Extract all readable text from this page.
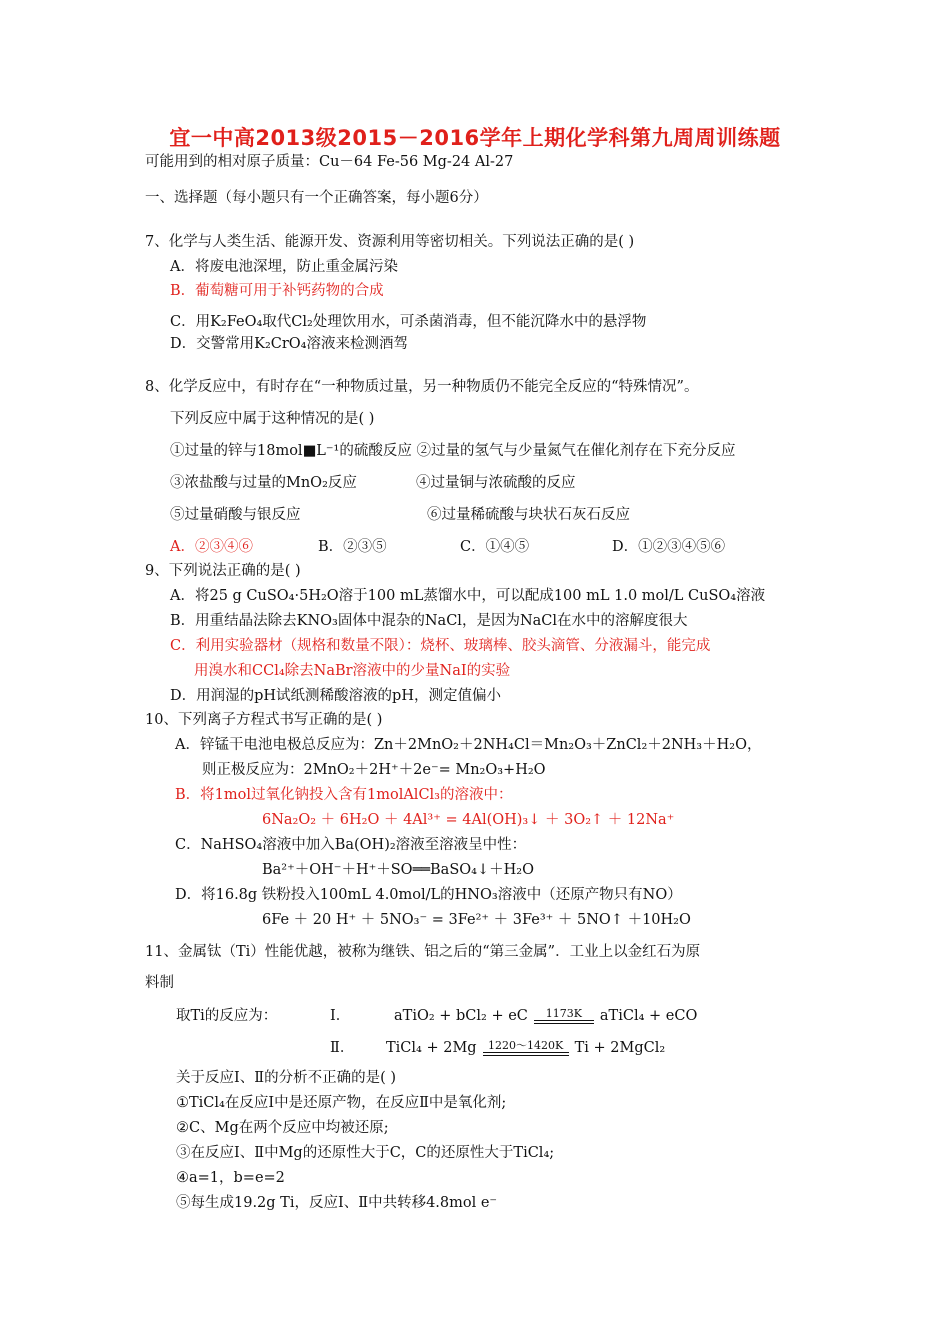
宜一中高2013级2015－2016学年上期化学科第九周周训练题
可能用到的相对原子质量：Cu－64 Fe-56 Mg-24 Al-27
一、选择题（每小题只有一个正确答案，每小题6分）
7、化学与人类生活、能源开发、资源利用等密切相关。下列说法正确的是( )
A．将废电池深埋，防止重金属污染
B．葡萄糖可用于补钙药物的合成
C．用K₂FeO₄取代Cl₂处理饮用水，可杀菌消毒，但不能沉降水中的悬浮物
D．交警常用K₂CrO₄溶液来检测酒驾
8、化学反应中，有时存在“一种物质过量，另一种物质仍不能完全反应的“特殊情况”。
下列反应中属于这种情况的是( )
①过量的锌与18mol■L⁻¹的硫酸反应 ②过量的氢气与少量氮气在催化剂存在下充分反应
③浓盐酸与过量的MnO₂反应	④过量铜与浓硫酸的反应
⑤过量硝酸与银反应	⑥过量稀硫酸与块状石灰石反应
A．②③④⑥	B．②③⑤	C．①④⑤	D．①②③④⑤⑥
9、下列说法正确的是( )
A．将25 g CuSO₄·5H₂O溶于100 mL蒸馏水中，可以配成100 mL 1.0 mol/L CuSO₄溶液
B．用重结晶法除去KNO₃固体中混杂的NaCl，是因为NaCl在水中的溶解度很大
C．利用实验器材（规格和数量不限）：烧杯、玻璃棒、胶头滴管、分液漏斗，能完成
用溴水和CCl₄除去NaBr溶液中的少量NaI的实验
D．用润湿的pH试纸测稀酸溶液的pH，测定值偏小
10、下列离子方程式书写正确的是( )
A．锌锰干电池电极总反应为：Zn＋2MnO₂＋2NH₄Cl＝Mn₂O₃＋ZnCl₂＋2NH₃＋H₂O，
则正极反应为：2MnO₂＋2H⁺＋2e⁻= Mn₂O₃+H₂O
B．将1mol过氧化钠投入含有1molAlCl₃的溶液中：
6Na₂O₂ ＋ 6H₂O ＋ 4Al³⁺ = 4Al(OH)₃↓ ＋ 3O₂↑ ＋ 12Na⁺
C．NaHSO₄溶液中加入Ba(OH)₂溶液至溶液呈中性：
Ba²⁺＋OH⁻＋H⁺＋SO══BaSO₄↓＋H₂O
D．将16.8g 铁粉投入100mL 4.0mol/L的HNO₃溶液中（还原产物只有NO）
6Fe ＋ 20 H⁺ ＋ 5NO₃⁻ = 3Fe²⁺ ＋ 3Fe³⁺ ＋ 5NO↑ ＋10H₂O
11、金属钛（Ti）性能优越，被称为继铁、铝之后的“第三金属”．工业上以金红石为原
料制
取Ti的反应为：	Ⅰ．	aTiO₂ + bCl₂ + eC	1173K	aTiCl₄ + eCO
Ⅱ． TiCl₄ + 2Mg	1220～1420K Ti + 2MgCl₂
关于反应Ⅰ、Ⅱ的分析不正确的是( )
①TiCl₄在反应Ⅰ中是还原产物，在反应Ⅱ中是氧化剂;
②C、Mg在两个反应中均被还原;
③在反应Ⅰ、Ⅱ中Mg的还原性大于C，C的还原性大于TiCl₄;
④a=1，b=e=2
⑤每生成19.2g Ti，反应Ⅰ、Ⅱ中共转移4.8mol e⁻
